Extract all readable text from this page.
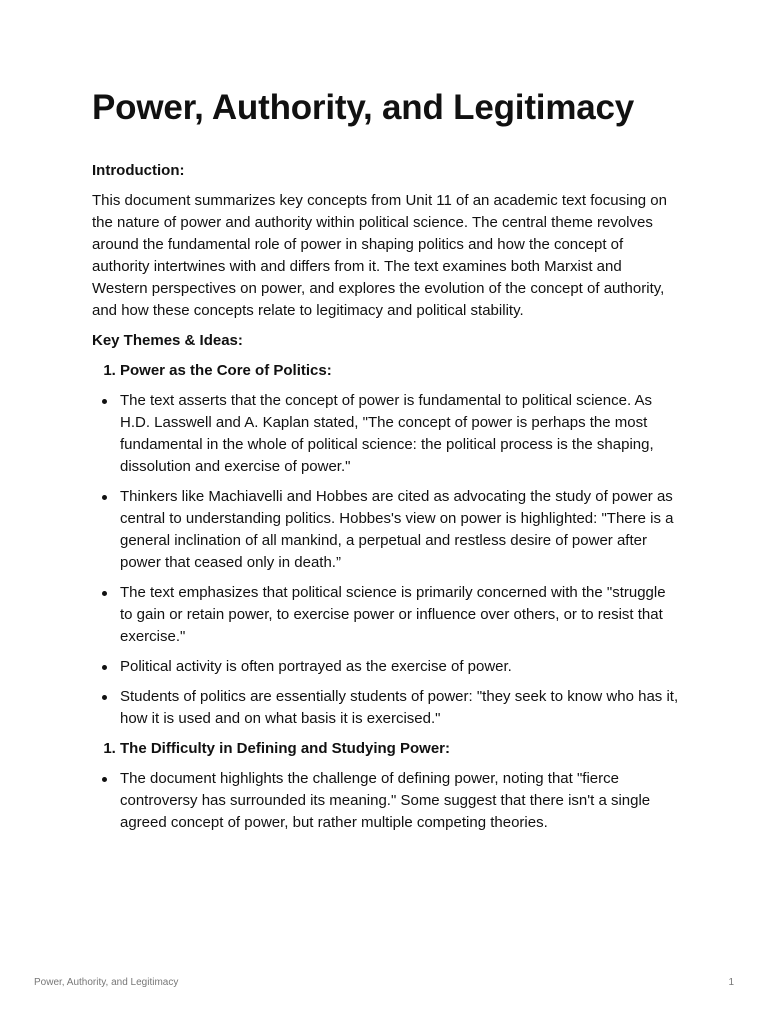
Power, Authority, and Legitimacy
Introduction:

This document summarizes key concepts from Unit 11 of an academic text focusing on the nature of power and authority within political science. The central theme revolves around the fundamental role of power in shaping politics and how the concept of authority intertwines with and differs from it. The text examines both Marxist and Western perspectives on power, and explores the evolution of the concept of authority, and how these concepts relate to legitimacy and political stability.

Key Themes & Ideas:
1. Power as the Core of Politics:
The text asserts that the concept of power is fundamental to political science. As H.D. Lasswell and A. Kaplan stated, "The concept of power is perhaps the most fundamental in the whole of political science: the political process is the shaping, dissolution and exercise of power."
Thinkers like Machiavelli and Hobbes are cited as advocating the study of power as central to understanding politics. Hobbes's view on power is highlighted: "There is a general inclination of all mankind, a perpetual and restless desire of power after power that ceased only in death.”
The text emphasizes that political science is primarily concerned with the "struggle to gain or retain power, to exercise power or influence over others, or to resist that exercise."
Political activity is often portrayed as the exercise of power.
Students of politics are essentially students of power: "they seek to know who has it, how it is used and on what basis it is exercised."
1. The Difficulty in Defining and Studying Power:
The document highlights the challenge of defining power, noting that "fierce controversy has surrounded its meaning." Some suggest that there isn't a single agreed concept of power, but rather multiple competing theories.
Power, Authority, and Legitimacy	1
